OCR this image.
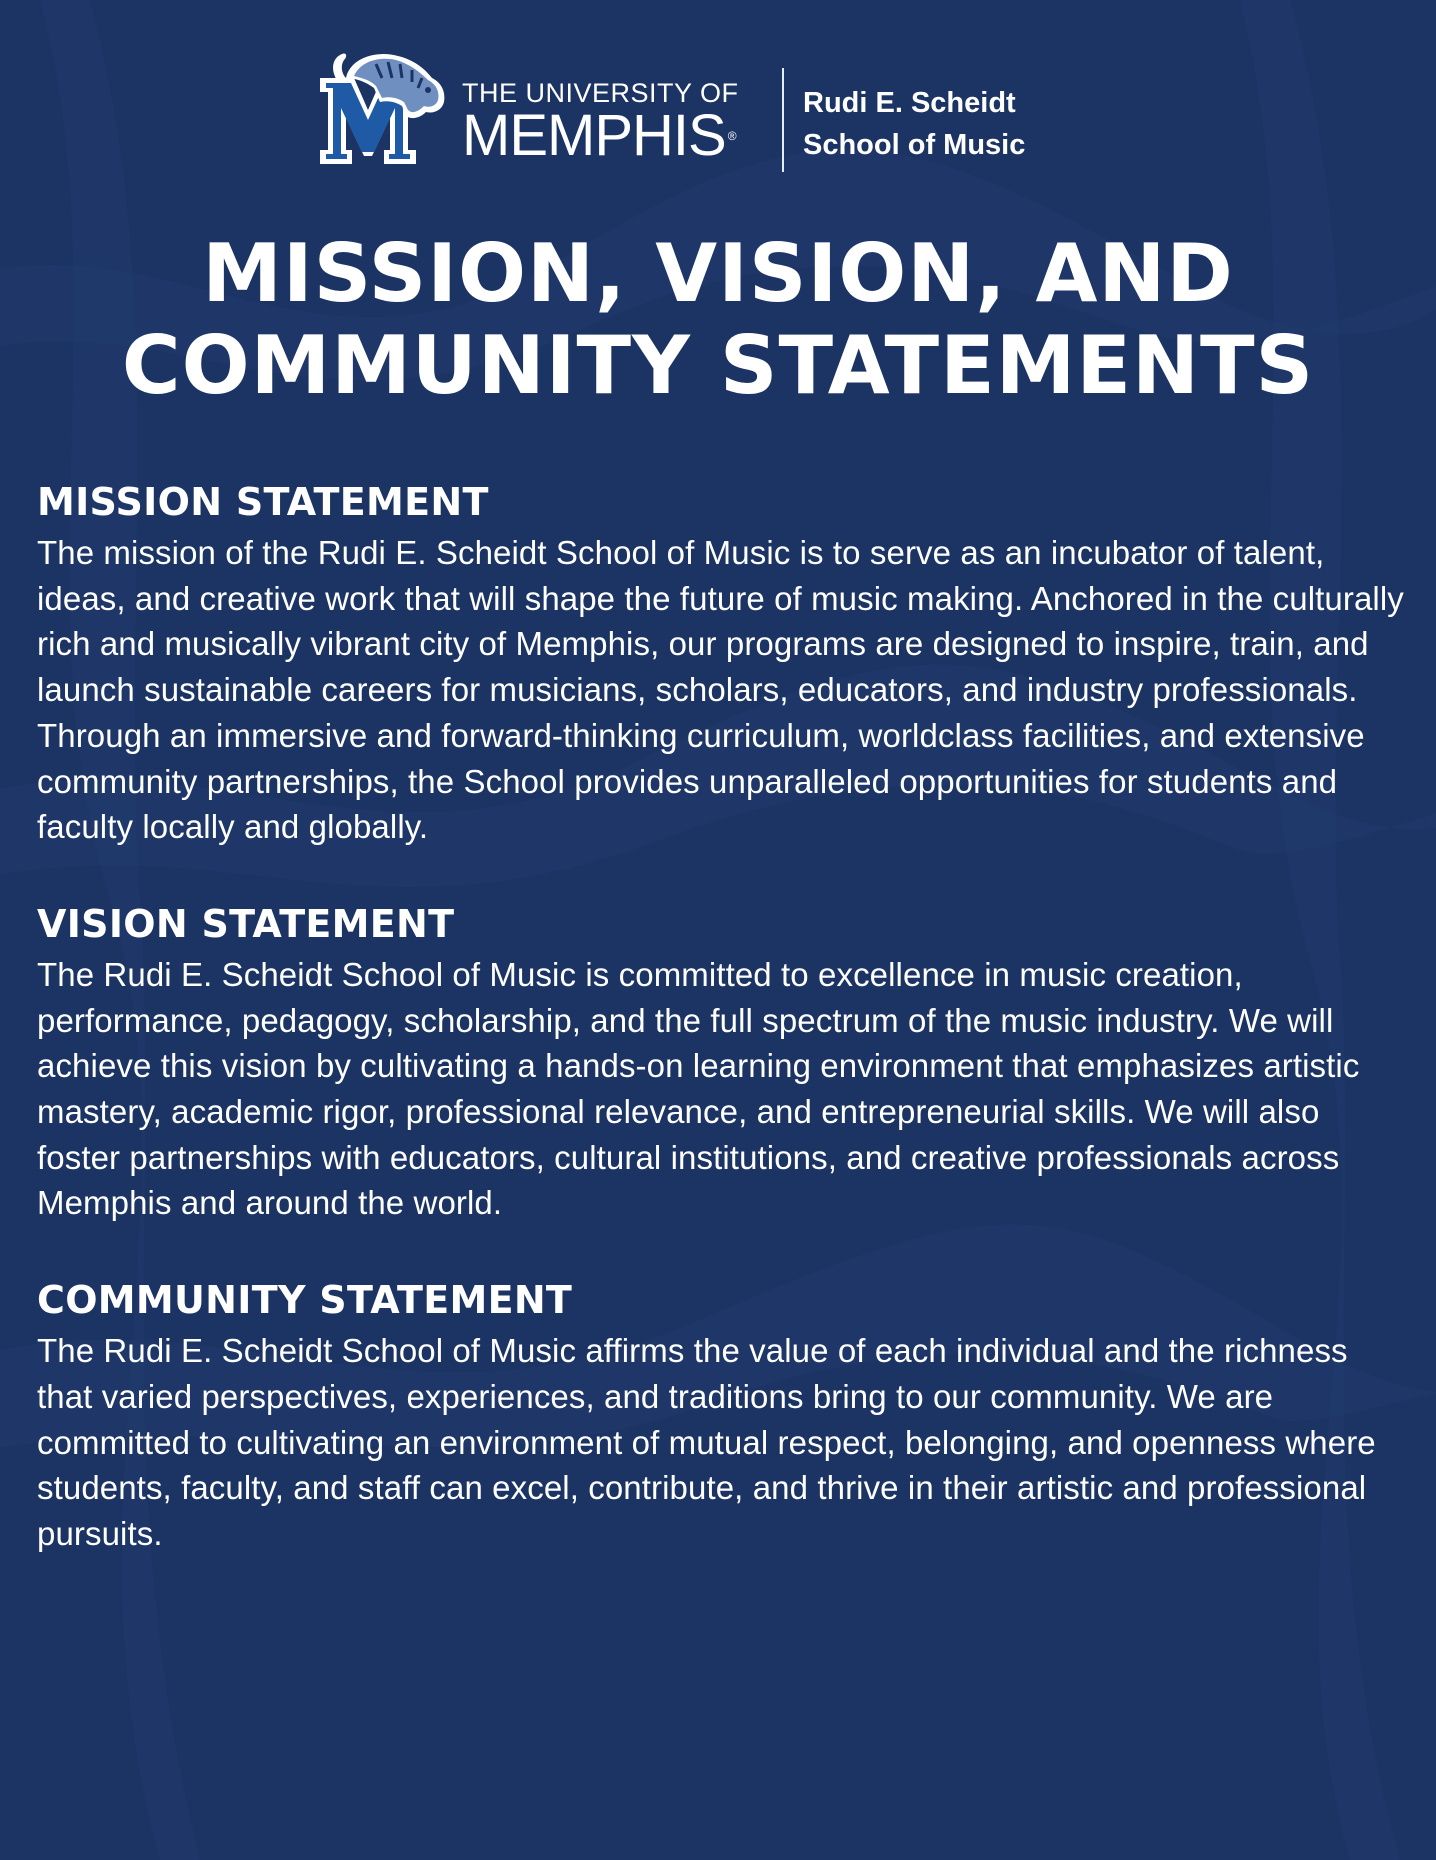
THE UNIVERSITY OF
MEMPHIS ®
Rudi E. Scheidt
School of Music
MISSION, VISION, AND
COMMUNITY STATEMENTS
MISSION STATEMENT

The mission of the Rudi E. Scheidt School of Music is to serve as an incubator of talent, ideas, and creative work that will shape the future of music making. Anchored in the culturally rich and musically vibrant city of Memphis, our programs are designed to inspire, train, and launch sustainable careers for musicians, scholars, educators, and industry professionals. Through an immersive and forward-thinking curriculum, worldclass facilities, and extensive community partnerships, the School provides unparalleled opportunities for students and faculty locally and globally.

VISION STATEMENT

The Rudi E. Scheidt School of Music is committed to excellence in music creation, performance, pedagogy, scholarship, and the full spectrum of the music industry. We will achieve this vision by cultivating a hands-on learning environment that emphasizes artistic mastery, academic rigor, professional relevance, and entrepreneurial skills. We will also foster partnerships with educators, cultural institutions, and creative professionals across Memphis and around the world.

COMMUNITY STATEMENT

The Rudi E. Scheidt School of Music affirms the value of each individual and the richness that varied perspectives, experiences, and traditions bring to our community. We are committed to cultivating an environment of mutual respect, belonging, and openness where students, faculty, and staff can excel, contribute, and thrive in their artistic and professional pursuits.
